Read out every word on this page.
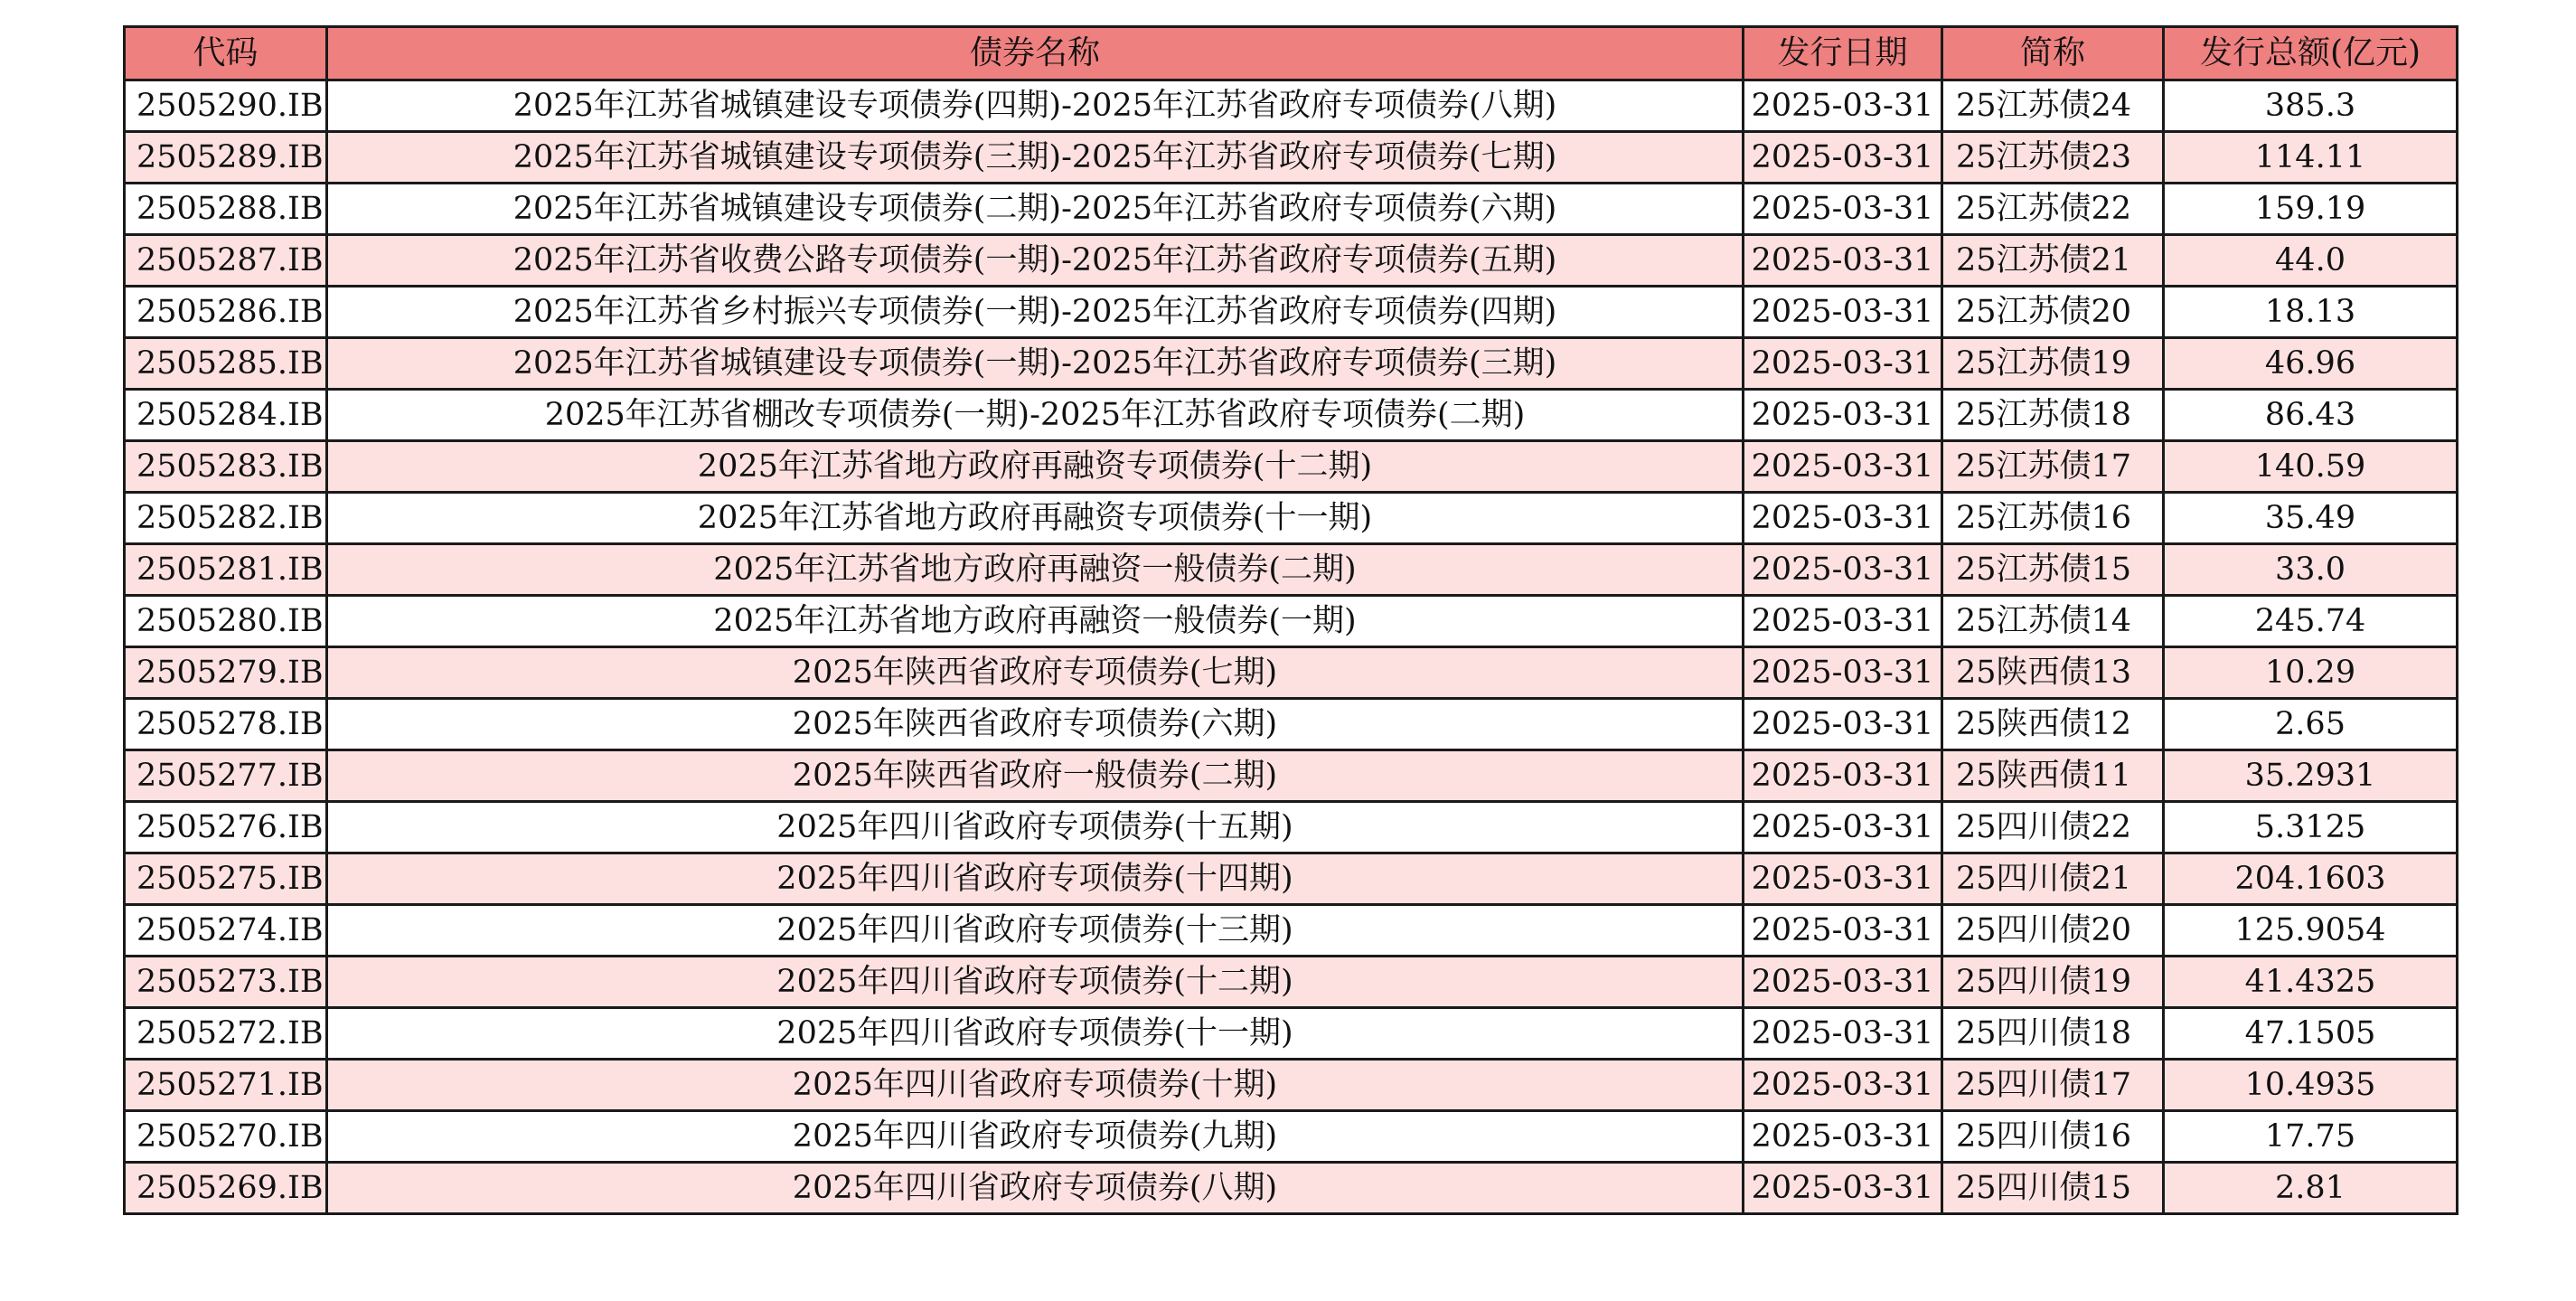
代码	债券名称	发行日期	简称	发行总额(亿元)
2505290.IB	2025年江苏省城镇建设专项债券(四期)-2025年江苏省政府专项债券(八期)	2025-03-31	25江苏债24	385.3
2505289.IB	2025年江苏省城镇建设专项债券(三期)-2025年江苏省政府专项债券(七期)	2025-03-31	25江苏债23	114.11
2505288.IB	2025年江苏省城镇建设专项债券(二期)-2025年江苏省政府专项债券(六期)	2025-03-31	25江苏债22	159.19
2505287.IB	2025年江苏省收费公路专项债券(一期)-2025年江苏省政府专项债券(五期)	2025-03-31	25江苏债21	44.0
2505286.IB	2025年江苏省乡村振兴专项债券(一期)-2025年江苏省政府专项债券(四期)	2025-03-31	25江苏债20	18.13
2505285.IB	2025年江苏省城镇建设专项债券(一期)-2025年江苏省政府专项债券(三期)	2025-03-31	25江苏债19	46.96
2505284.IB	2025年江苏省棚改专项债券(一期)-2025年江苏省政府专项债券(二期)	2025-03-31	25江苏债18	86.43
2505283.IB	2025年江苏省地方政府再融资专项债券(十二期)	2025-03-31	25江苏债17	140.59
2505282.IB	2025年江苏省地方政府再融资专项债券(十一期)	2025-03-31	25江苏债16	35.49
2505281.IB	2025年江苏省地方政府再融资一般债券(二期)	2025-03-31	25江苏债15	33.0
2505280.IB	2025年江苏省地方政府再融资一般债券(一期)	2025-03-31	25江苏债14	245.74
2505279.IB	2025年陕西省政府专项债券(七期)	2025-03-31	25陕西债13	10.29
2505278.IB	2025年陕西省政府专项债券(六期)	2025-03-31	25陕西债12	2.65
2505277.IB	2025年陕西省政府一般债券(二期)	2025-03-31	25陕西债11	35.2931
2505276.IB	2025年四川省政府专项债券(十五期)	2025-03-31	25四川债22	5.3125
2505275.IB	2025年四川省政府专项债券(十四期)	2025-03-31	25四川债21	204.1603
2505274.IB	2025年四川省政府专项债券(十三期)	2025-03-31	25四川债20	125.9054
2505273.IB	2025年四川省政府专项债券(十二期)	2025-03-31	25四川债19	41.4325
2505272.IB	2025年四川省政府专项债券(十一期)	2025-03-31	25四川债18	47.1505
2505271.IB	2025年四川省政府专项债券(十期)	2025-03-31	25四川债17	10.4935
2505270.IB	2025年四川省政府专项债券(九期)	2025-03-31	25四川债16	17.75
2505269.IB	2025年四川省政府专项债券(八期)	2025-03-31	25四川债15	2.81
